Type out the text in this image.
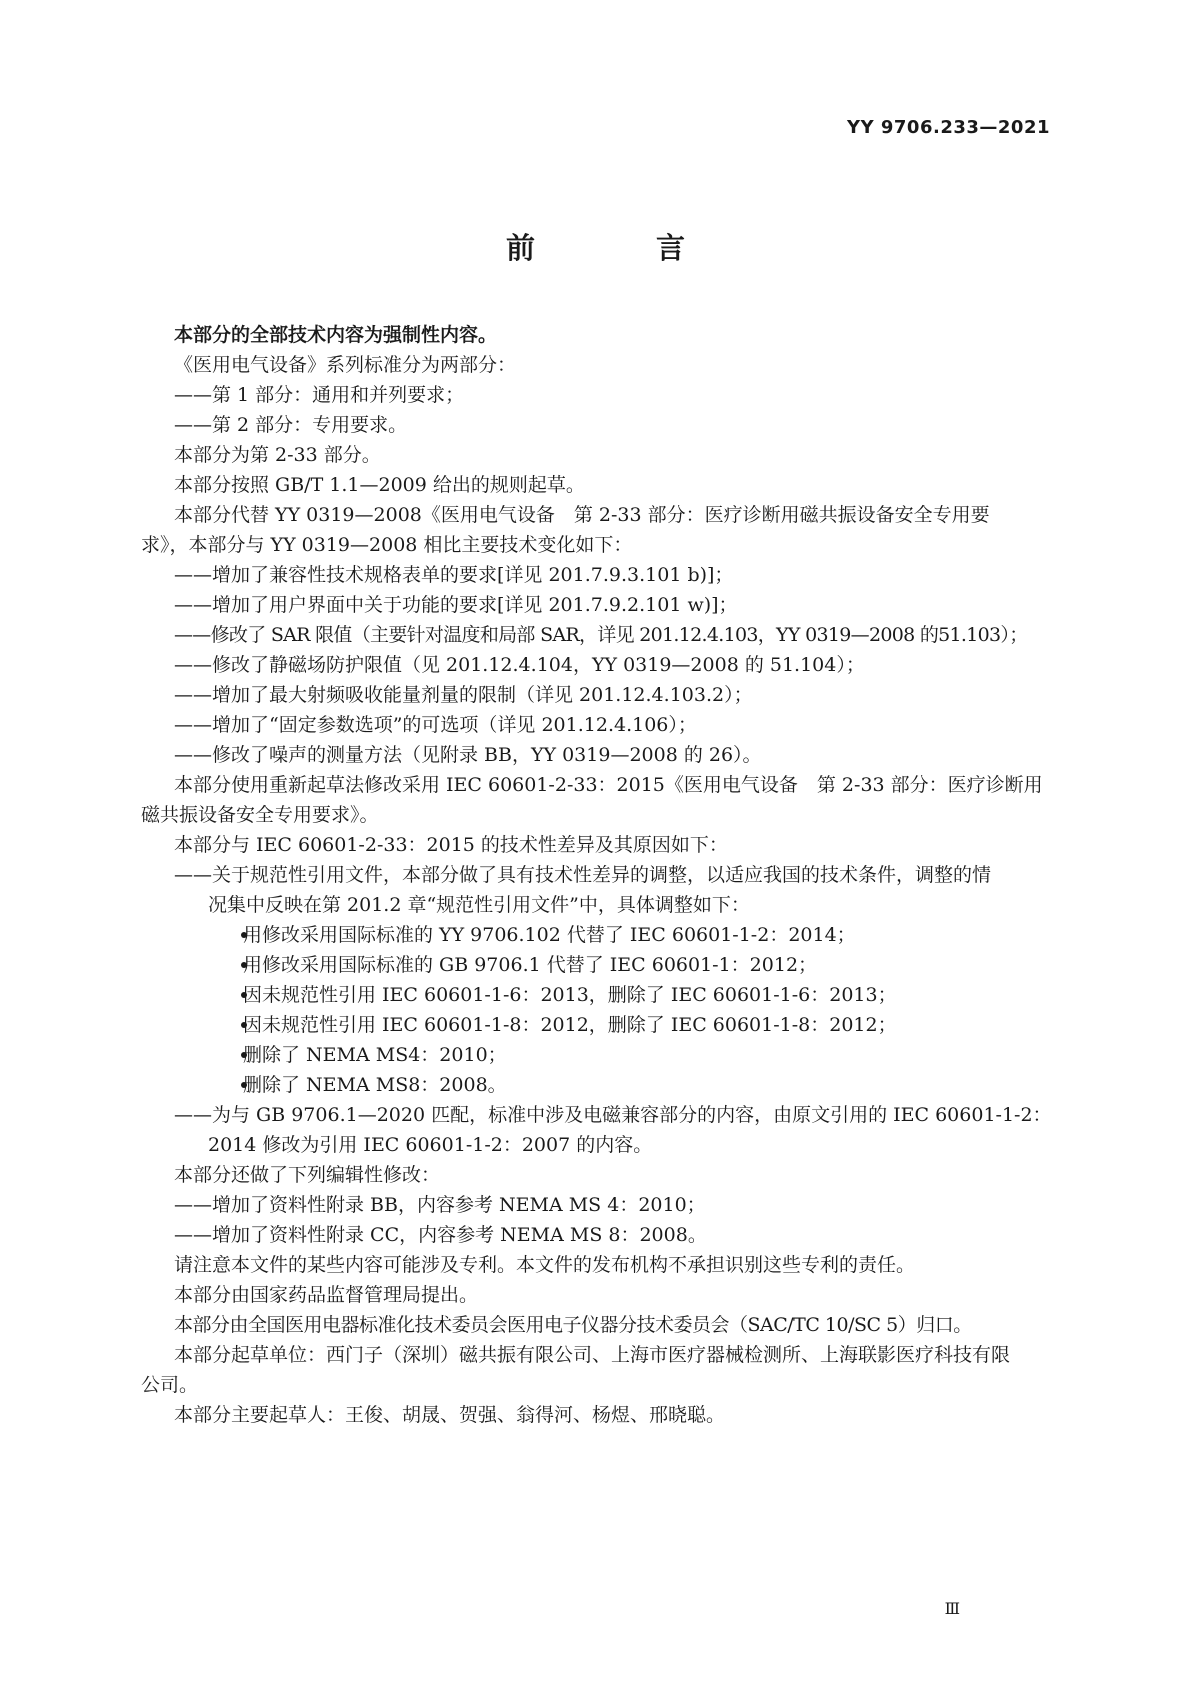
YY 9706.233—2021
前　言
本部分的全部技术内容为强制性内容。
《医用电气设备》系列标准分为两部分：
——第 1 部分：通用和并列要求；
——第 2 部分：专用要求。
本部分为第 2-33 部分。
本部分按照 GB/T 1.1—2009 给出的规则起草。
本部分代替 YY 0319—2008《医用电气设备　第 2-33 部分：医疗诊断用磁共振设备安全专用要
求》，本部分与 YY 0319—2008 相比主要技术变化如下：
——增加了兼容性技术规格表单的要求[详见 201.7.9.3.101 b)]；
——增加了用户界面中关于功能的要求[详见 201.7.9.2.101 w)]；
——修改了 SAR 限值（主要针对温度和局部 SAR，详见 201.12.4.103，YY 0319—2008 的51.103）；
——修改了静磁场防护限值（见 201.12.4.104，YY 0319—2008 的 51.104）；
——增加了最大射频吸收能量剂量的限制（详见 201.12.4.103.2）；
——增加了“固定参数选项”的可选项（详见 201.12.4.106）；
——修改了噪声的测量方法（见附录 BB，YY 0319—2008 的 26）。
本部分使用重新起草法修改采用 IEC 60601-2-33：2015《医用电气设备　第 2-33 部分：医疗诊断用
磁共振设备安全专用要求》。
本部分与 IEC 60601-2-33：2015 的技术性差异及其原因如下：
——关于规范性引用文件，本部分做了具有技术性差异的调整，以适应我国的技术条件，调整的情
况集中反映在第 201.2 章“规范性引用文件”中，具体调整如下：
用修改采用国际标准的 YY 9706.102 代替了 IEC 60601-1-2：2014；
用修改采用国际标准的 GB 9706.1 代替了 IEC 60601-1：2012；
因未规范性引用 IEC 60601-1-6：2013，删除了 IEC 60601-1-6：2013；
因未规范性引用 IEC 60601-1-8：2012，删除了 IEC 60601-1-8：2012；
删除了 NEMA MS4：2010；
删除了 NEMA MS8：2008。
——为与 GB 9706.1—2020 匹配，标准中涉及电磁兼容部分的内容，由原文引用的 IEC 60601-1-2：
2014 修改为引用 IEC 60601-1-2：2007 的内容。
本部分还做了下列编辑性修改：
——增加了资料性附录 BB，内容参考 NEMA MS 4：2010；
——增加了资料性附录 CC，内容参考 NEMA MS 8：2008。
请注意本文件的某些内容可能涉及专利。本文件的发布机构不承担识别这些专利的责任。
本部分由国家药品监督管理局提出。
本部分由全国医用电器标准化技术委员会医用电子仪器分技术委员会（SAC/TC 10/SC 5）归口。
本部分起草单位：西门子（深圳）磁共振有限公司、上海市医疗器械检测所、上海联影医疗科技有限
公司。
本部分主要起草人：王俊、胡晟、贺强、翁得河、杨煜、邢晓聪。
Ⅲ
